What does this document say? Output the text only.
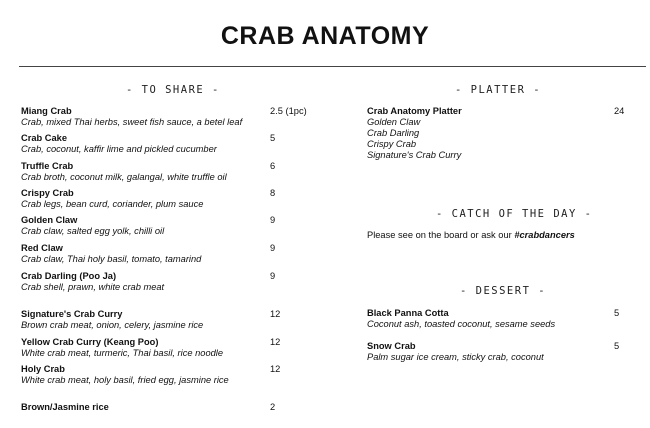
CRAB ANATOMY
- TO SHARE -
Miang Crab
Crab, mixed Thai herbs, sweet fish sauce, a betel leaf
2.5 (1pc)
Crab Cake
Crab, coconut, kaffir lime and pickled cucumber
5
Truffle Crab
Crab broth, coconut milk, galangal, white truffle oil
6
Crispy Crab
Crab legs, bean curd, coriander, plum sauce
8
Golden Claw
Crab claw, salted egg yolk, chilli oil
9
Red Claw
Crab claw, Thai holy basil, tomato, tamarind
9
Crab Darling (Poo Ja)
Crab shell, prawn, white crab meat
9
Signature's Crab Curry
Brown crab meat, onion, celery, jasmine rice
12
Yellow Crab Curry (Keang Poo)
White crab meat, turmeric, Thai basil, rice noodle
12
Holy Crab
White crab meat, holy basil, fried egg, jasmine rice
12
Brown/Jasmine rice	2
- PLATTER -
Crab Anatomy Platter
Golden Claw
Crab Darling
Crispy Crab
Signature's Crab Curry
24
- CATCH OF THE DAY -
Please see on the board or ask our #crabdancers
- DESSERT -
Black Panna Cotta
Coconut ash, toasted coconut, sesame seeds
5
Snow Crab
Palm sugar ice cream, sticky crab, coconut
5
